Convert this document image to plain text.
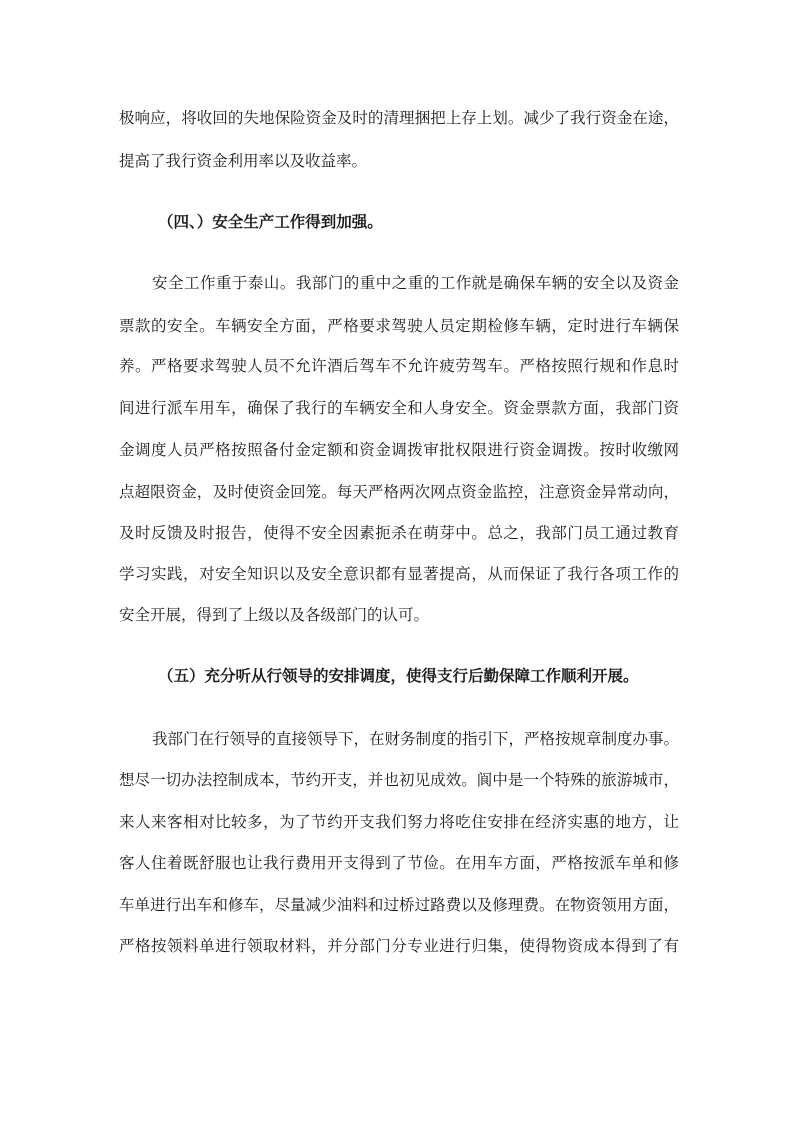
极响应，将收回的失地保险资金及时的清理捆把上存上划。减少了我行资金在途，
提高了我行资金利用率以及收益率。
（四、）安全生产工作得到加强。
安全工作重于泰山。我部门的重中之重的工作就是确保车辆的安全以及资金
票款的安全。车辆安全方面，严格要求驾驶人员定期检修车辆，定时进行车辆保
养。严格要求驾驶人员不允许酒后驾车不允许疲劳驾车。严格按照行规和作息时
间进行派车用车，确保了我行的车辆安全和人身安全。资金票款方面，我部门资
金调度人员严格按照备付金定额和资金调拨审批权限进行资金调拨。按时收缴网
点超限资金，及时使资金回笼。每天严格两次网点资金监控，注意资金异常动向，
及时反馈及时报告，使得不安全因素扼杀在萌芽中。总之，我部门员工通过教育
学习实践，对安全知识以及安全意识都有显著提高，从而保证了我行各项工作的
安全开展，得到了上级以及各级部门的认可。
（五）充分听从行领导的安排调度，使得支行后勤保障工作顺利开展。
我部门在行领导的直接领导下，在财务制度的指引下，严格按规章制度办事。
想尽一切办法控制成本，节约开支，并也初见成效。阆中是一个特殊的旅游城市，
来人来客相对比较多，为了节约开支我们努力将吃住安排在经济实惠的地方，让
客人住着既舒服也让我行费用开支得到了节俭。在用车方面，严格按派车单和修
车单进行出车和修车，尽量减少油料和过桥过路费以及修理费。在物资领用方面，
严格按领料单进行领取材料，并分部门分专业进行归集，使得物资成本得到了有
